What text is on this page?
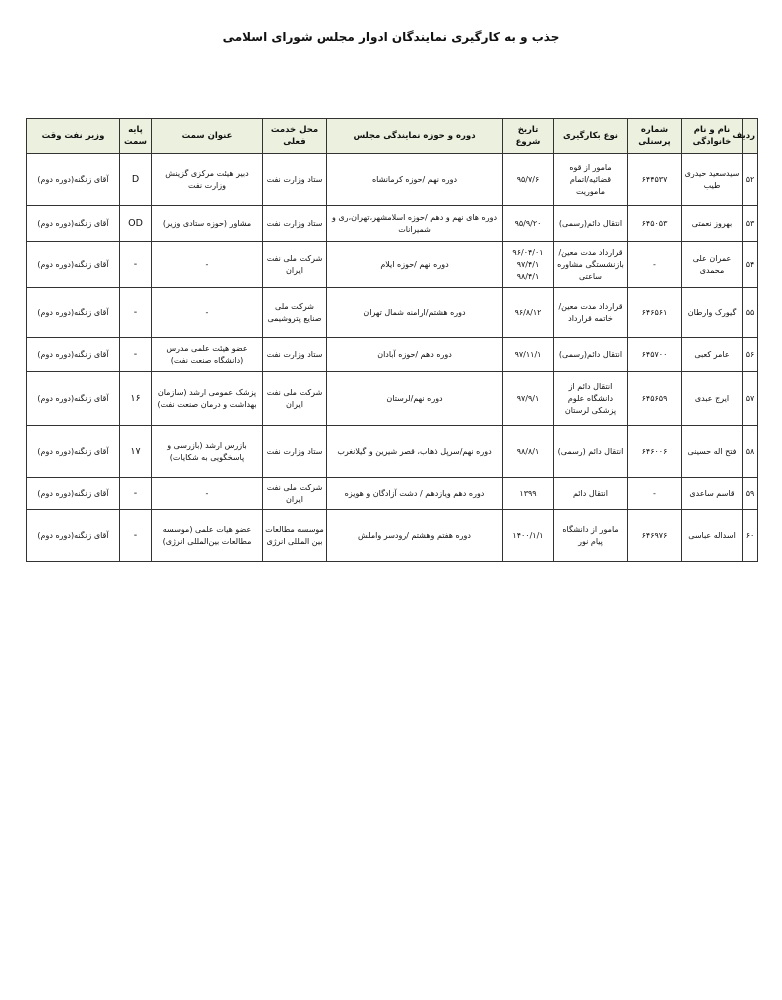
جذب و به کارگیری نمایندگان ادوار مجلس شورای اسلامی
ردیف	نام و نام خانوادگی	شماره پرسنلی	نوع بکارگیری	تاریخ شروع	دوره و حوزه نمایندگی مجلس	محل خدمت فعلی	عنوان سمت	پایه سمت	وزیر نفت وقت
۵۲	سیدسعید حیدری طیب	۶۴۴۵۳۷	مامور از قوه قضائیه/اتمام ماموریت	۹۵/۷/۶	دوره نهم /حوزه کرمانشاه	ستاد وزارت نفت	دبیر هیئت مرکزی گزینش وزارت نفت	D	آقای زنگنه(دوره دوم)
۵۳	بهروز نعمتی	۶۴۵۰۵۳	انتقال دائم(رسمی)	۹۵/۹/۲۰	دوره های نهم و دهم /حوزه اسلامشهر،تهران،ری و شمیرانات	ستاد وزارت نفت	مشاور (حوزه ستادی وزیر)	OD	آقای زنگنه(دوره دوم)
۵۴	عمران علی محمدی	-	قرارداد مدت معین/بازنشستگی مشاوره ساعتی	۹۶/۰۴/۰۱ ۹۷/۴/۱ ۹۸/۴/۱	دوره نهم /حوزه ایلام	شرکت ملی نفت ایران	-	-	آقای زنگنه(دوره دوم)
۵۵	گیورک وارطان	۶۴۶۵۶۱	قرارداد مدت معین/خاتمه قرارداد	۹۶/۸/۱۲	دوره هشتم/ارامنه شمال تهران	شرکت ملی صنایع پتروشیمی	-	-	آقای زنگنه(دوره دوم)
۵۶	عامر کعبی	۶۴۵۷۰۰	انتقال دائم(رسمی)	۹۷/۱۱/۱	دوره دهم /حوزه آبادان	ستاد وزارت نفت	عضو هیئت علمی مدرس (دانشگاه صنعت نفت)	-	آقای زنگنه(دوره دوم)
۵۷	ایرج عبدی	۶۴۵۶۵۹	انتقال دائم از دانشگاه علوم پزشکی لرستان	۹۷/۹/۱	دوره نهم/لرستان	شرکت ملی نفت ایران	پزشک عمومی ارشد (سازمان بهداشت و درمان صنعت نفت)	۱۶	آقای زنگنه(دوره دوم)
۵۸	فتح اله حسینی	۶۴۶۰۰۶	انتقال دائم (رسمی)	۹۸/۸/۱	دوره نهم/سرپل ذهاب، قصر شیرین و گیلانغرب	ستاد وزارت نفت	بازرس ارشد (بازرسی و پاسخگویی به شکایات)	۱۷	آقای زنگنه(دوره دوم)
۵۹	قاسم ساعدی	-	انتقال دائم	۱۳۹۹	دوره دهم ویازدهم / دشت آزادگان و هویزه	شرکت ملی نفت ایران	-	-	آقای زنگنه(دوره دوم)
۶۰	اسداله عباسی	۶۴۶۹۷۶	مامور از دانشگاه پیام نور	۱۴۰۰/۱/۱	دوره هفتم وهشتم /رودسر واملش	موسسه مطالعات بین المللی انرژی	عضو هیات علمی (موسسه مطالعات بین‌المللی انرژی)	-	آقای زنگنه(دوره دوم)
